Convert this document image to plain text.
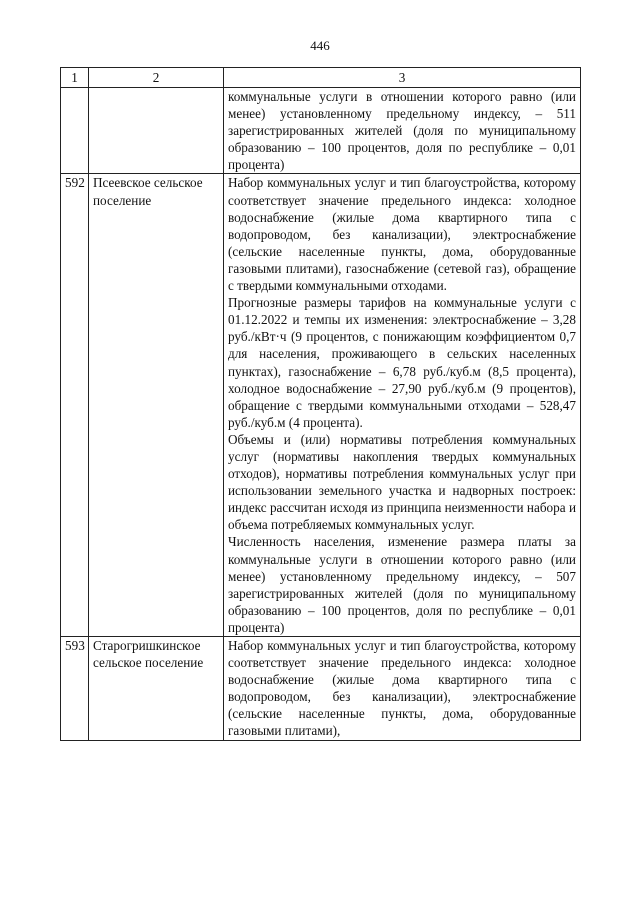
446
1	2	3

		коммунальные услуги в отношении которого равно (или менее) установленному предельному индексу, – 511 зарегистрированных жителей (доля по муниципальному образованию – 100 процентов, доля по республике – 0,01 процента)

592	Псеевское сельское поселение	Набор коммунальных услуг и тип благоустройства, которому соответствует значение предельного индекса: холодное водоснабжение (жилые дома квартирного типа с водопроводом, без канализации), электроснабжение (сельские населенные пункты, дома, оборудованные газовыми плитами), газоснабжение (сетевой газ), обращение с твердыми коммунальными отходами.
Прогнозные размеры тарифов на коммунальные услуги с 01.12.2022 и темпы их изменения: электроснабжение – 3,28 руб./кВт·ч (9 процентов, с понижающим коэффициентом 0,7 для населения, проживающего в сельских населенных пунктах), газоснабжение – 6,78 руб./куб.м (8,5 процента), холодное водоснабжение – 27,90 руб./куб.м (9 процентов), обращение с твердыми коммунальными отходами – 528,47 руб./куб.м (4 процента).
Объемы и (или) нормативы потребления коммунальных услуг (нормативы накопления твердых коммунальных отходов), нормативы потребления коммунальных услуг при использовании земельного участка и надворных построек: индекс рассчитан исходя из принципа неизменности набора и объема потребляемых коммунальных услуг.
Численность населения, изменение размера платы за коммунальные услуги в отношении которого равно (или менее) установленному предельному индексу, – 507 зарегистрированных жителей (доля по муниципальному образованию – 100 процентов, доля по республике – 0,01 процента)

593	Старогришкинское сельское поселение	Набор коммунальных услуг и тип благоустройства, которому соответствует значение предельного индекса: холодное водоснабжение (жилые дома квартирного типа с водопроводом, без канализации), электроснабжение (сельские населенные пункты, дома, оборудованные газовыми плитами),
